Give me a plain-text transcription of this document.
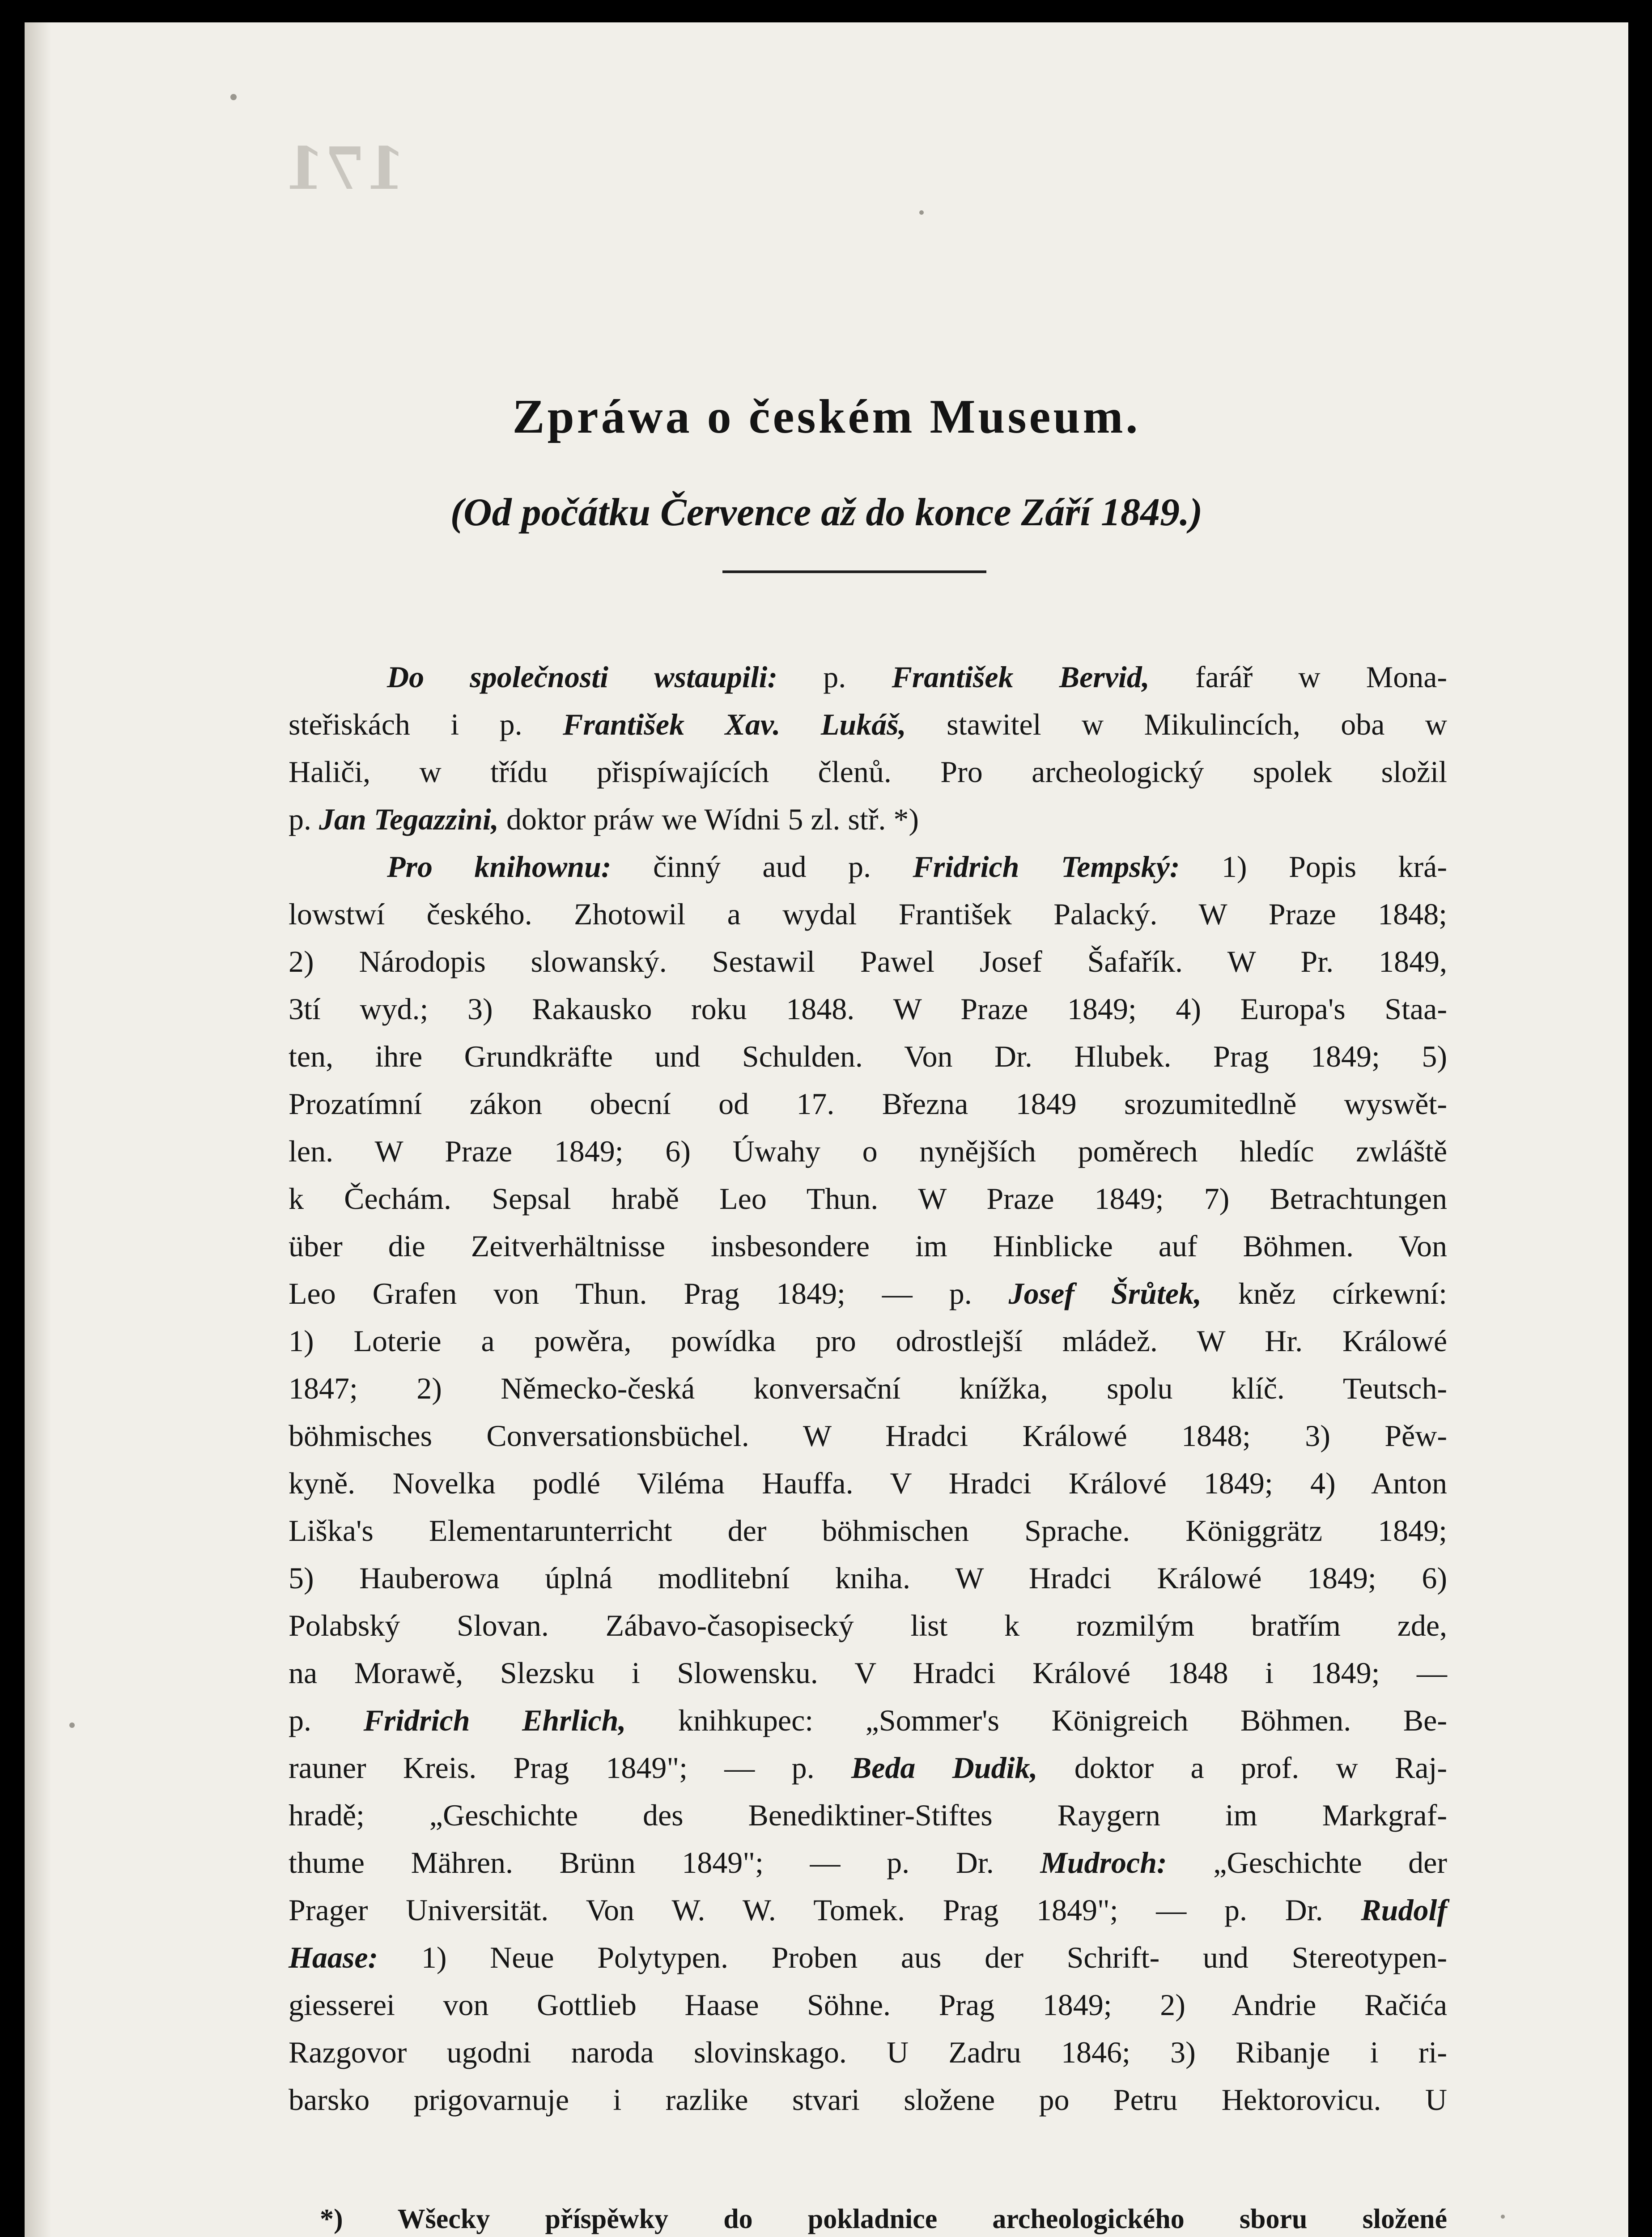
171
Zpráwa o českém Museum.
(Od počátku Července až do konce Září 1849.)
Do společnosti wstaupili: p. František Bervid, farář w Mona-
steřiskách i p. František Xav. Lukáš, stawitel w Mikulincích, oba w
Haliči, w třídu přispíwajících členů. Pro archeologický spolek složil
p. Jan Tegazzini, doktor práw we Wídni 5 zl. stř. *)
Pro knihownu: činný aud p. Fridrich Tempský: 1) Popis krá-
lowstwí českého. Zhotowil a wydal František Palacký. W Praze 1848;
2) Národopis slowanský. Sestawil Pawel Josef Šafařík. W Pr. 1849,
3tí wyd.; 3) Rakausko roku 1848. W Praze 1849; 4) Europa's Staa-
ten, ihre Grundkräfte und Schulden. Von Dr. Hlubek. Prag 1849; 5)
Prozatímní zákon obecní od 17. Března 1849 srozumitedlně wyswět-
len. W Praze 1849; 6) Úwahy o nynějších poměrech hledíc zwláště
k Čechám. Sepsal hrabě Leo Thun. W Praze 1849; 7) Betrachtungen
über die Zeitverhältnisse insbesondere im Hinblicke auf Böhmen. Von
Leo Grafen von Thun. Prag 1849; — p. Josef Šrůtek, kněz církewní:
1) Loterie a powěra, powídka pro odrostlejší mládež. W Hr. Králowé
1847; 2) Německo-česká konversační knížka, spolu klíč. Teutsch-
böhmisches Conversationsbüchel. W Hradci Králowé 1848; 3) Pěw-
kyně. Novelka podlé Viléma Hauffa. V Hradci Králové 1849; 4) Anton
Liška's Elementarunterricht der böhmischen Sprache. Königgrätz 1849;
5) Hauberowa úplná modlitební kniha. W Hradci Králowé 1849; 6)
Polabský Slovan. Zábavo-časopisecký list k rozmilým bratřím zde,
na Morawě, Slezsku i Slowensku. V Hradci Králové 1848 i 1849; —
p. Fridrich Ehrlich, knihkupec: „Sommer's Königreich Böhmen. Be-
rauner Kreis. Prag 1849"; — p. Beda Dudik, doktor a prof. w Raj-
hradě; „Geschichte des Benediktiner-Stiftes Raygern im Markgraf-
thume Mähren. Brünn 1849"; — p. Dr. Mudroch: „Geschichte der
Prager Universität. Von W. W. Tomek. Prag 1849"; — p. Dr. Rudolf
Haase: 1) Neue Polytypen. Proben aus der Schrift- und Stereotypen-
giesserei von Gottlieb Haase Söhne. Prag 1849; 2) Andrie Račića
Razgovor ugodni naroda slovinskago. U Zadru 1846; 3) Ribanje i ri-
barsko prigovarnuje i razlike stvari složene po Petru Hektorovicu. U
*) Wšecky příspěwky do pokladnice archeologického sboru složené
